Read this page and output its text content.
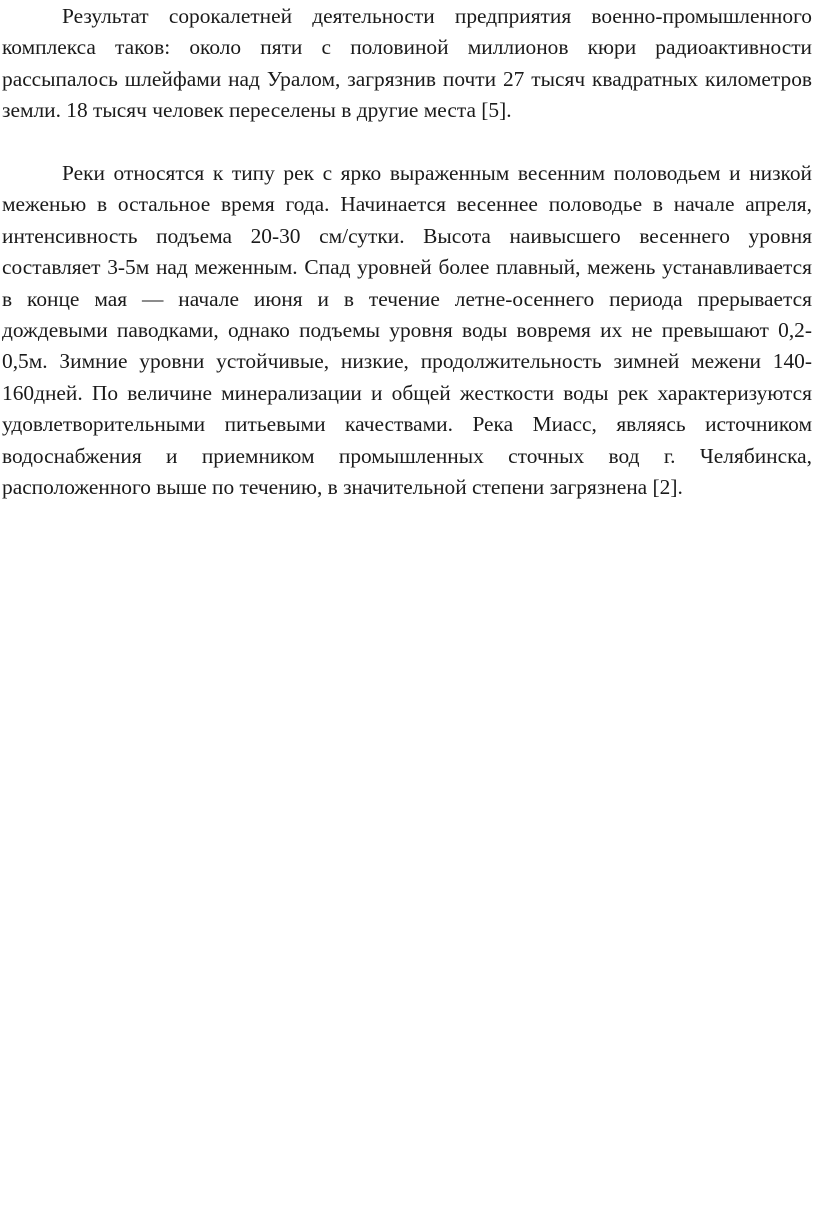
Результат сорокалетней деятельности предприятия военно-промышленного комплекса таков: около пяти с половиной миллионов кюри радиоактивности рассыпалось шлейфами над Уралом, загрязнив почти 27 тысяч квадратных километров земли. 18 тысяч человек переселены в другие места [5].

Реки относятся к типу рек с ярко выраженным весенним половодьем и низкой меженью в остальное время года. Начинается весеннее половодье в начале апреля, интенсивность подъема 20-30 см/сутки. Высота наивысшего весеннего уровня составляет 3-5м над меженным. Спад уровней более плавный, межень устанавливается в конце мая — начале июня и в течение летне-осеннего периода прерывается дождевыми паводками, однако подъемы уровня воды вовремя их не превышают 0,2-0,5м. Зимние уровни устойчивые, низкие, продолжительность зимней межени 140-160дней. По величине минерализации и общей жесткости воды рек характеризуются удовлетворительными питьевыми качествами. Река Миасс, являясь источником водоснабжения и приемником промышленных сточных вод г. Челябинска, расположенного выше по течению, в значительной степени загрязнена [2].
